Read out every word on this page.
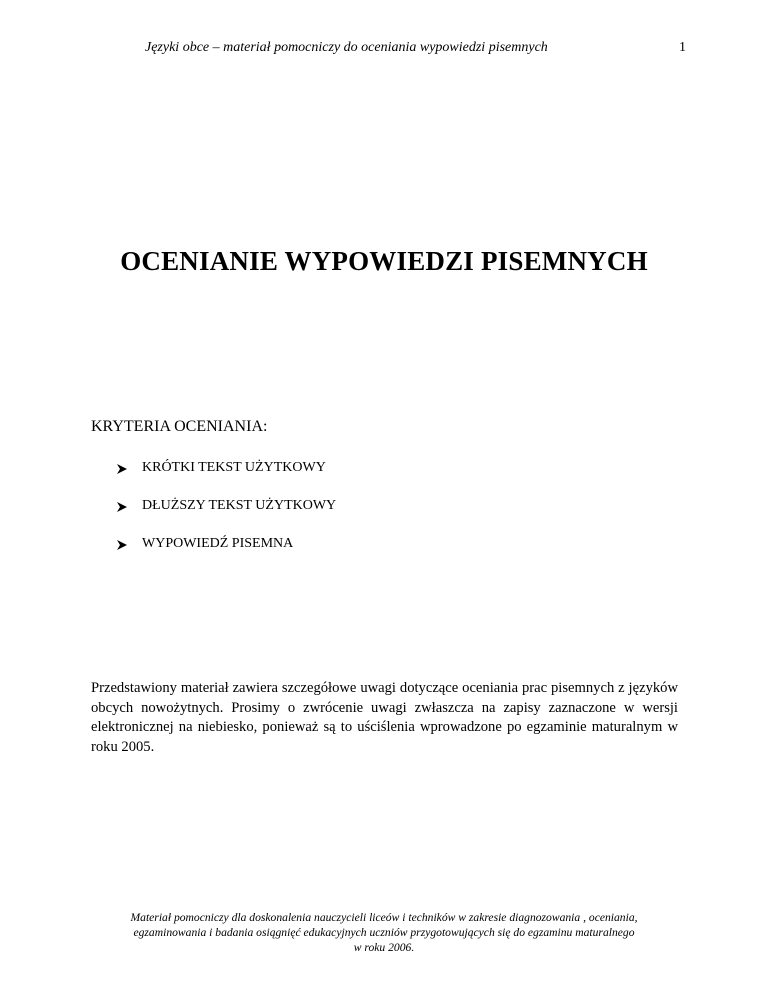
Języki obce – materiał pomocniczy do oceniania wypowiedzi pisemnych	1
OCENIANIE WYPOWIEDZI PISEMNYCH
KRYTERIA OCENIANIA:
KRÓTKI TEKST UŻYTKOWY
DŁUŻSZY TEKST UŻYTKOWY
WYPOWIEDŹ PISEMNA

Przedstawiony materiał zawiera szczegółowe uwagi dotyczące oceniania prac pisemnych z języków obcych nowożytnych. Prosimy o zwrócenie uwagi zwłaszcza na zapisy zaznaczone w wersji elektronicznej na niebiesko, ponieważ są to uściślenia wprowadzone po egzaminie maturalnym w roku 2005.

Materiał pomocniczy dla doskonalenia nauczycieli liceów i techników w zakresie diagnozowania , oceniania,
egzaminowania i badania osiągnięć edukacyjnych uczniów przygotowujących się do egzaminu maturalnego
w roku 2006.
